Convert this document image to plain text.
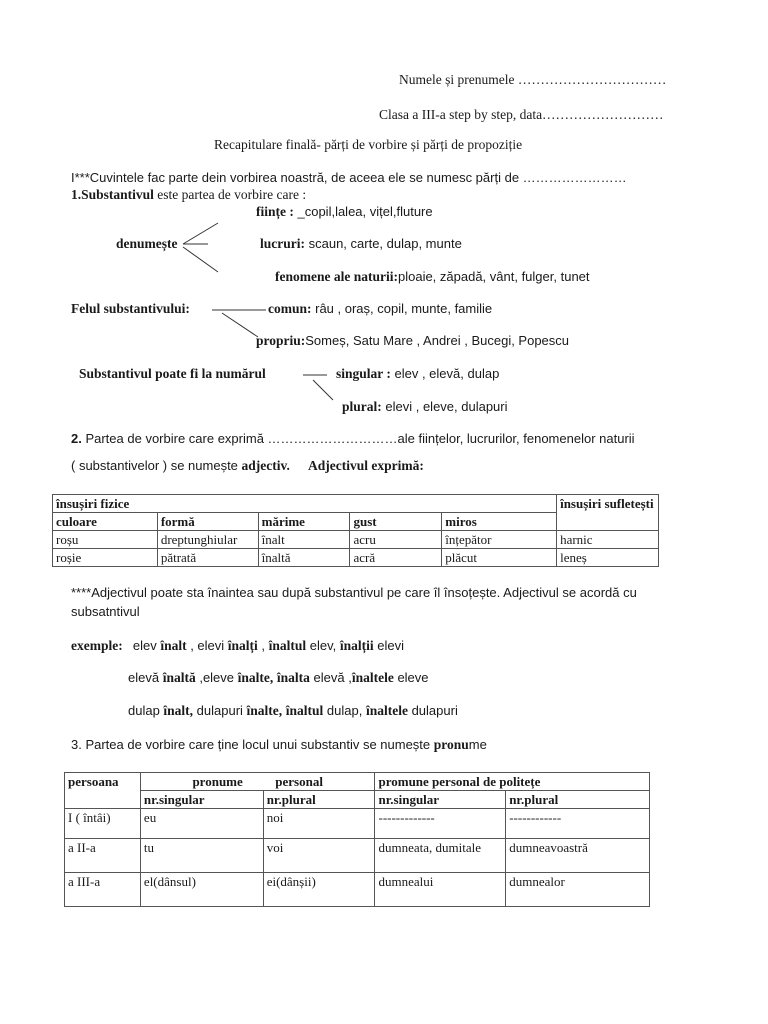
Numele și prenumele ……………………………
Clasa a III-a step by step, data………………………
Recapitulare finală- părți de vorbire și părți de propoziție
I***Cuvintele fac parte dein vorbirea noastră, de aceea ele se numesc părți de ……………………
1.Substantivul este partea de vorbire care :
ființe : _copil,lalea, vițel,fluture
denumește	lucruri: scaun, carte, dulap, munte
fenomene ale naturii:ploaie, zăpadă, vânt, fulger, tunet
Felul substantivului:	comun: râu , oraș, copil, munte, familie
propriu:Someș, Satu Mare , Andrei , Bucegi, Popescu
Substantivul poate fi la numărul	singular : elev , elevă, dulap
plural: elevi , eleve, dulapuri
2. Partea de vorbire care exprimă …………………………ale ființelor, lucrurilor, fenomenelor naturii
( substantivelor ) se numește adjectiv. Adjectivul exprimă:
însușiri fizice					însușiri sufletești
culoare	formă	mărime	gust	miros	
roșu	dreptunghiular	înalt	acru	înțepător	harnic
roșie	pătrată	înaltă	acră	plăcut	leneș
****Adjectivul poate sta înaintea sau după substantivul pe care îl însoțește. Adjectivul se acordă cu
subsatntivul
exemple: elev înalt , elevi înalți , înaltul elev, înalții elevi
elevă înaltă ,eleve înalte, înalta elevă ,înaltele eleve
dulap înalt, dulapuri înalte, înaltul dulap, înaltele dulapuri
3. Partea de vorbire care ține locul unui substantiv se numește pronume
persoana	pronume          personal		promune personal de politețe	
	nr.singular	nr.plural	nr.singular	nr.plural
I ( întâi)	eu	noi	-------------	------------
a II-a	tu	voi	dumneata, dumitale	dumneavoastră
a III-a	el(dânsul)	ei(dânșii)	dumnealui	dumnealor
